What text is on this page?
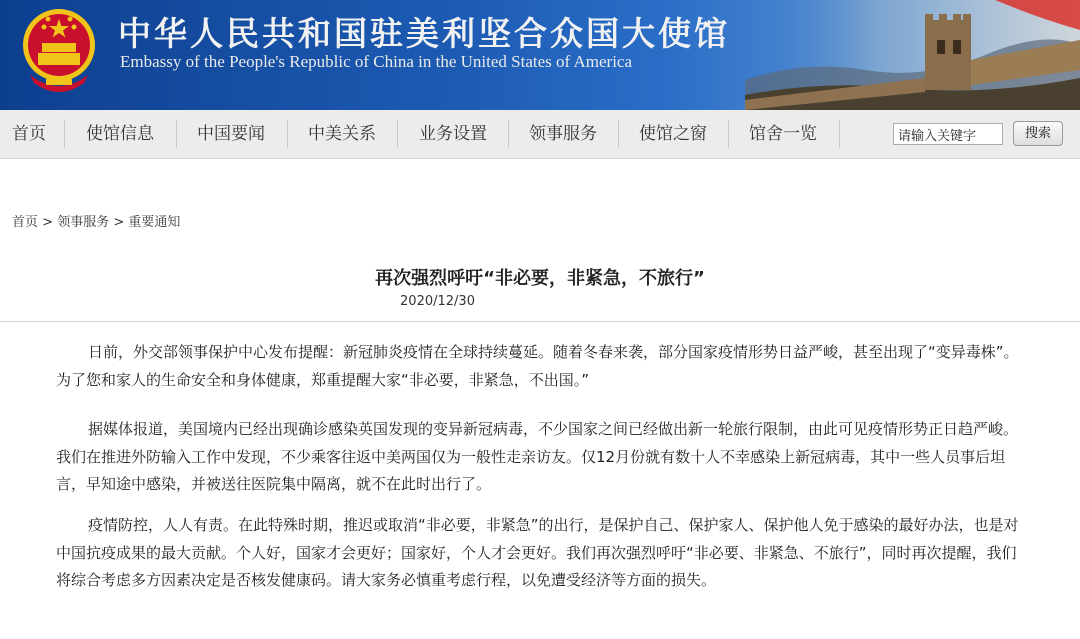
中华人民共和国驻美利坚合众国大使馆
Embassy of the People's Republic of China in the United States of America
首页	使馆信息	中国要闻	中美关系	业务设置	领事服务	使馆之窗	馆舍一览
请输入关键字	搜索
首页 > 领事服务 > 重要通知
再次强烈呼吁“非必要，非紧急，不旅行”
2020/12/30

日前，外交部领事保护中心发布提醒：新冠肺炎疫情在全球持续蔓延。随着冬春来袭，部分国家疫情形势日益严峻，甚至出现了“变异毒株”。为了您和家人的生命安全和身体健康，郑重提醒大家“非必要，非紧急，不出国。”

据媒体报道，美国境内已经出现确诊感染英国发现的变异新冠病毒，不少国家之间已经做出新一轮旅行限制，由此可见疫情形势正日趋严峻。我们在推进外防输入工作中发现，不少乘客往返中美两国仅为一般性走亲访友。仅12月份就有数十人不幸感染上新冠病毒，其中一些人员事后坦言，早知途中感染，并被送往医院集中隔离，就不在此时出行了。

疫情防控，人人有责。在此特殊时期，推迟或取消“非必要，非紧急”的出行，是保护自己、保护家人、保护他人免于感染的最好办法，也是对中国抗疫成果的最大贡献。个人好，国家才会更好；国家好，个人才会更好。我们再次强烈呼吁“非必要、非紧急、不旅行”，同时再次提醒，我们将综合考虑多方因素决定是否核发健康码。请大家务必慎重考虑行程，以免遭受经济等方面的损失。
